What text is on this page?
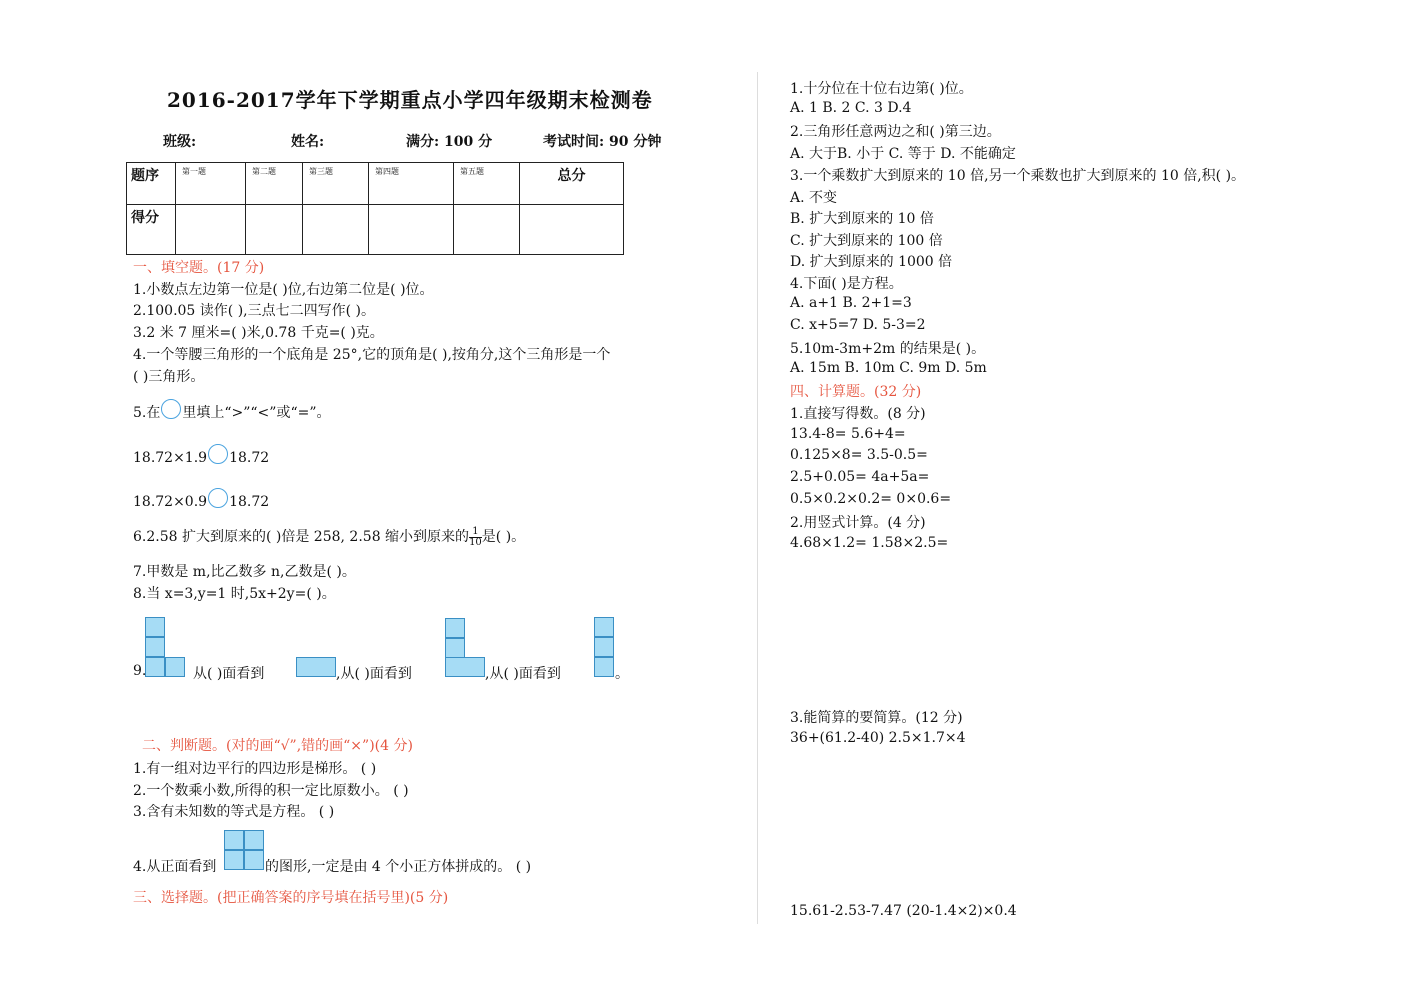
2016-2017学年下学期重点小学四年级期末检测卷
班级:	姓名:	满分: 100 分	考试时间: 90 分钟
题序	第一题	第二题	第三题	第四题	第五题	总分

得分						

一、填空题。(17 分)
1.小数点左边第一位是( )位,右边第二位是( )位。
2.100.05 读作( ),三点七二四写作( )。
3.2 米 7 厘米=( )米,0.78 千克=( )克。
4.一个等腰三角形的一个底角是 25°,它的顶角是( ),按角分,这个三角形是一个
( )三角形。
5.在 里填上“>”“<”或“=”。
18.72×1.9 18.72
18.72×0.9 18.72
6.2.58 扩大到原来的( )倍是 258, 2.58 缩小到原来的 $\frac{1}{10}$ 是( )。
7.甲数是 m,比乙数多 n,乙数是( )。
8.当 x=3,y=1 时,5x+2y=( )。
9.	从( )面看到	,从( )面看到	,从( )面看到	。
二、判断题。(对的画“√”,错的画“×”)(4 分)
1.有一组对边平行的四边形是梯形。 ( )
2.一个数乘小数,所得的积一定比原数小。 ( )
3.含有未知数的等式是方程。 ( )
4.从正面看到	的图形,一定是由 4 个小正方体拼成的。 ( )
三、选择题。(把正确答案的序号填在括号里)(5 分)
1.十分位在十位右边第( )位。
A. 1 B. 2 C. 3 D.4
2.三角形任意两边之和( )第三边。
A. 大于B. 小于 C. 等于 D. 不能确定
3.一个乘数扩大到原来的 10 倍,另一个乘数也扩大到原来的 10 倍,积( )。
A. 不变
B. 扩大到原来的 10 倍
C. 扩大到原来的 100 倍
D. 扩大到原来的 1000 倍
4.下面( )是方程。
A. a+1 B. 2+1=3
C. x+5=7 D. 5-3=2
5.10m-3m+2m 的结果是( )。
A. 15m B. 10m C. 9m D. 5m
四、计算题。(32 分)
1.直接写得数。(8 分)
13.4-8= 5.6+4=
0.125×8= 3.5-0.5=
2.5+0.05= 4a+5a=
0.5×0.2×0.2= 0×0.6=
2.用竖式计算。(4 分)
4.68×1.2= 1.58×2.5=
3.能简算的要简算。(12 分)
36+(61.2-40) 2.5×1.7×4
15.61-2.53-7.47 (20-1.4×2)×0.4
